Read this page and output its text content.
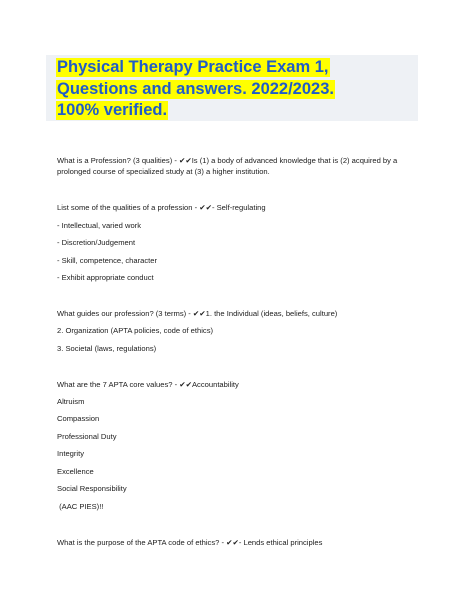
Physical Therapy Practice Exam 1,
Questions and answers. 2022/2023.
100% verified.
What is a Profession? (3 qualities) - ✔✔Is (1) a body of advanced knowledge that is (2) acquired by a
prolonged course of specialized study at (3) a higher institution.
List some of the qualities of a profession - ✔✔- Self-regulating
- Intellectual, varied work
- Discretion/Judgement
- Skill, competence, character
- Exhibit appropriate conduct
What guides our profession? (3 terms) - ✔✔1. the Individual (ideas, beliefs, culture)
2. Organization (APTA policies, code of ethics)
3. Societal (laws, regulations)
What are the 7 APTA core values? - ✔✔Accountability
Altruism
Compassion
Professional Duty
Integrity
Excellence
Social Responsibility
(AAC PIES)!!
What is the purpose of the APTA code of ethics? - ✔✔- Lends ethical principles
